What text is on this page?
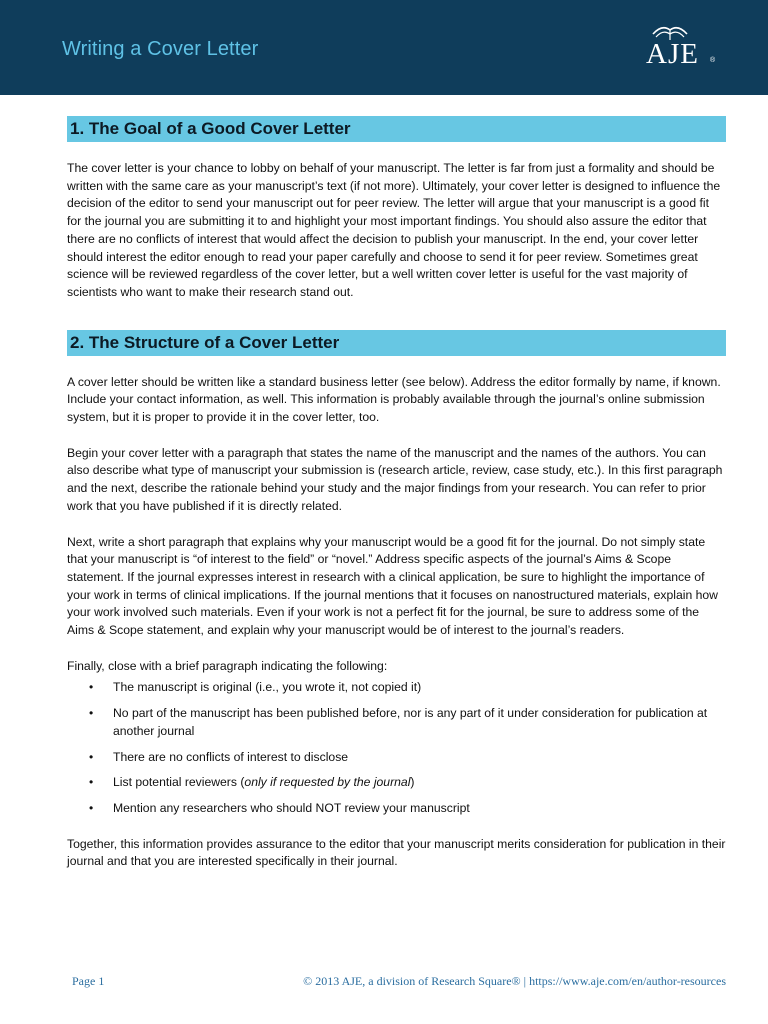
Writing a Cover Letter	AJE ®
1. The Goal of a Good Cover Letter

The cover letter is your chance to lobby on behalf of your manuscript. The letter is far from just a formality and should be written with the same care as your manuscript’s text (if not more). Ultimately, your cover letter is designed to influence the decision of the editor to send your manuscript out for peer review. The letter will argue that your manuscript is a good fit for the journal you are submitting it to and highlight your most important findings. You should also assure the editor that there are no conflicts of interest that would affect the decision to publish your manuscript. In the end, your cover letter should interest the editor enough to read your paper carefully and choose to send it for peer review. Sometimes great science will be reviewed regardless of the cover letter, but a well written cover letter is useful for the vast majority of scientists who want to make their research stand out.

2. The Structure of a Cover Letter

A cover letter should be written like a standard business letter (see below). Address the editor formally by name, if known. Include your contact information, as well. This information is probably available through the journal’s online submission system, but it is proper to provide it in the cover letter, too.

Begin your cover letter with a paragraph that states the name of the manuscript and the names of the authors. You can also describe what type of manuscript your submission is (research article, review, case study, etc.). In this first paragraph and the next, describe the rationale behind your study and the major findings from your research. You can refer to prior work that you have published if it is directly related.

Next, write a short paragraph that explains why your manuscript would be a good fit for the journal. Do not simply state that your manuscript is “of interest to the field” or “novel.” Address specific aspects of the journal’s Aims & Scope statement. If the journal expresses interest in research with a clinical application, be sure to highlight the importance of your work in terms of clinical implications. If the journal mentions that it focuses on nanostructured materials, explain how your work involved such materials. Even if your work is not a perfect fit for the journal, be sure to address some of the Aims & Scope statement, and explain why your manuscript would be of interest to the journal’s readers.

Finally, close with a brief paragraph indicating the following:

• The manuscript is original (i.e., you wrote it, not copied it)
• No part of the manuscript has been published before, nor is any part of it under consideration for publication at another journal
• There are no conflicts of interest to disclose
• List potential reviewers (only if requested by the journal)
• Mention any researchers who should NOT review your manuscript

Together, this information provides assurance to the editor that your manuscript merits consideration for publication in their journal and that you are interested specifically in their journal.

Page 1	© 2013 AJE, a division of Research Square® | https://www.aje.com/en/author-resources
